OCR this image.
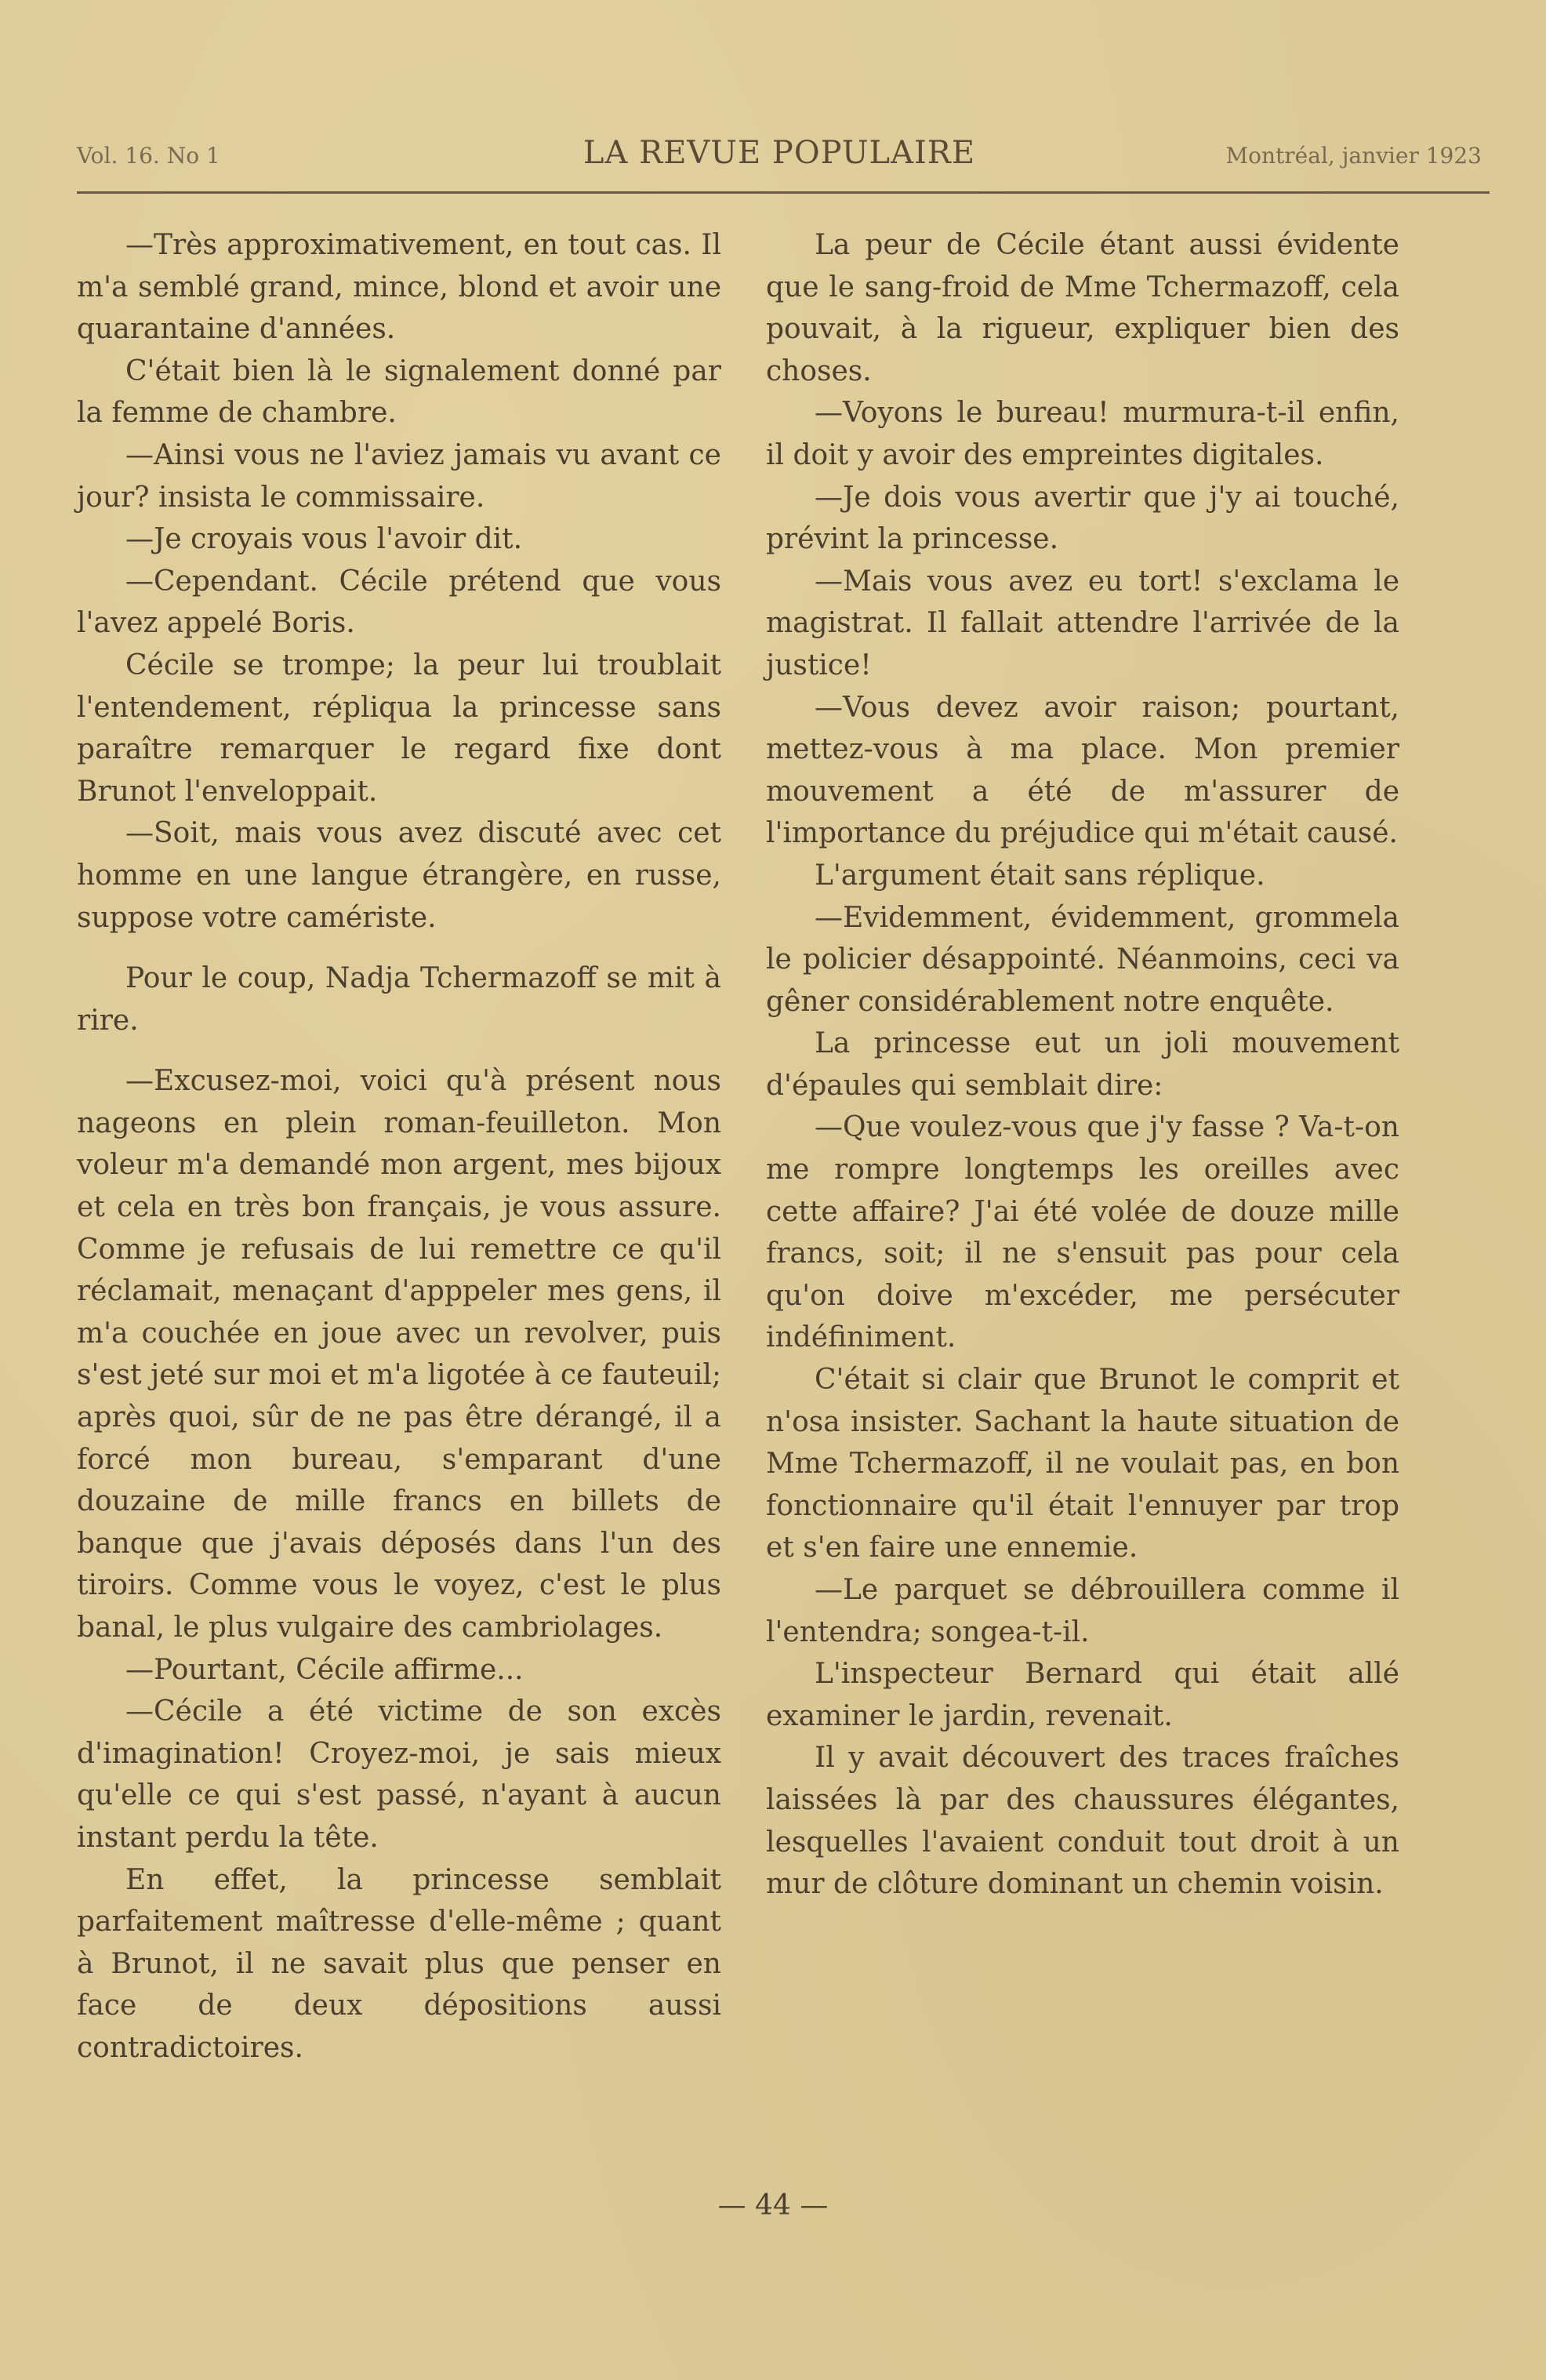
Vol. 16. No 1	LA REVUE POPULAIRE	Montréal, janvier 1923

—Très approximativement, en tout cas. Il m'a semblé grand, mince, blond et avoir une quarantaine d'années.

C'était bien là le signalement donné par la femme de chambre.

—Ainsi vous ne l'aviez jamais vu avant ce jour? insista le commissaire.

—Je croyais vous l'avoir dit.

—Cependant. Cécile prétend que vous l'avez appelé Boris.

Cécile se trompe; la peur lui troublait l'entendement, répliqua la princesse sans paraître remarquer le regard fixe dont Brunot l'enveloppait.

—Soit, mais vous avez discuté avec cet homme en une langue étrangère, en russe, suppose votre camériste.

Pour le coup, Nadja Tchermazoff se mit à rire.

—Excusez-moi, voici qu'à présent nous nageons en plein roman-feuilleton. Mon voleur m'a demandé mon argent, mes bijoux et cela en très bon français, je vous assure. Comme je refusais de lui remettre ce qu'il réclamait, menaçant d'apppeler mes gens, il m'a couchée en joue avec un revolver, puis s'est jeté sur moi et m'a ligotée à ce fauteuil; après quoi, sûr de ne pas être dérangé, il a forcé mon bureau, s'emparant d'une douzaine de mille francs en billets de banque que j'avais déposés dans l'un des tiroirs. Comme vous le voyez, c'est le plus banal, le plus vulgaire des cambriolages.

—Pourtant, Cécile affirme...

—Cécile a été victime de son excès d'imagination! Croyez-moi, je sais mieux qu'elle ce qui s'est passé, n'ayant à aucun instant perdu la tête.

En effet, la princesse semblait parfaitement maîtresse d'elle-même ; quant à Brunot, il ne savait plus que penser en face de deux dépositions aussi contradictoires.

La peur de Cécile étant aussi évidente que le sang-froid de Mme Tchermazoff, cela pouvait, à la rigueur, expliquer bien des choses.

—Voyons le bureau! murmura-t-il enfin, il doit y avoir des empreintes digitales.

—Je dois vous avertir que j'y ai touché, prévint la princesse.

—Mais vous avez eu tort! s'exclama le magistrat. Il fallait attendre l'arrivée de la justice!

—Vous devez avoir raison; pourtant, mettez-vous à ma place. Mon premier mouvement a été de m'assurer de l'importance du préjudice qui m'était causé.

L'argument était sans réplique.

—Evidemment, évidemment, grommela le policier désappointé. Néanmoins, ceci va gêner considérablement notre enquête.

La princesse eut un joli mouvement d'épaules qui semblait dire:

—Que voulez-vous que j'y fasse ? Va-t-on me rompre longtemps les oreilles avec cette affaire? J'ai été volée de douze mille francs, soit; il ne s'ensuit pas pour cela qu'on doive m'excéder, me persécuter indéfiniment.

C'était si clair que Brunot le comprit et n'osa insister. Sachant la haute situation de Mme Tchermazoff, il ne voulait pas, en bon fonctionnaire qu'il était l'ennuyer par trop et s'en faire une ennemie.

—Le parquet se débrouillera comme il l'entendra; songea-t-il.

L'inspecteur Bernard qui était allé examiner le jardin, revenait.

Il y avait découvert des traces fraîches laissées là par des chaussures élégantes, lesquelles l'avaient conduit tout droit à un mur de clôture dominant un chemin voisin.

— 44 —
